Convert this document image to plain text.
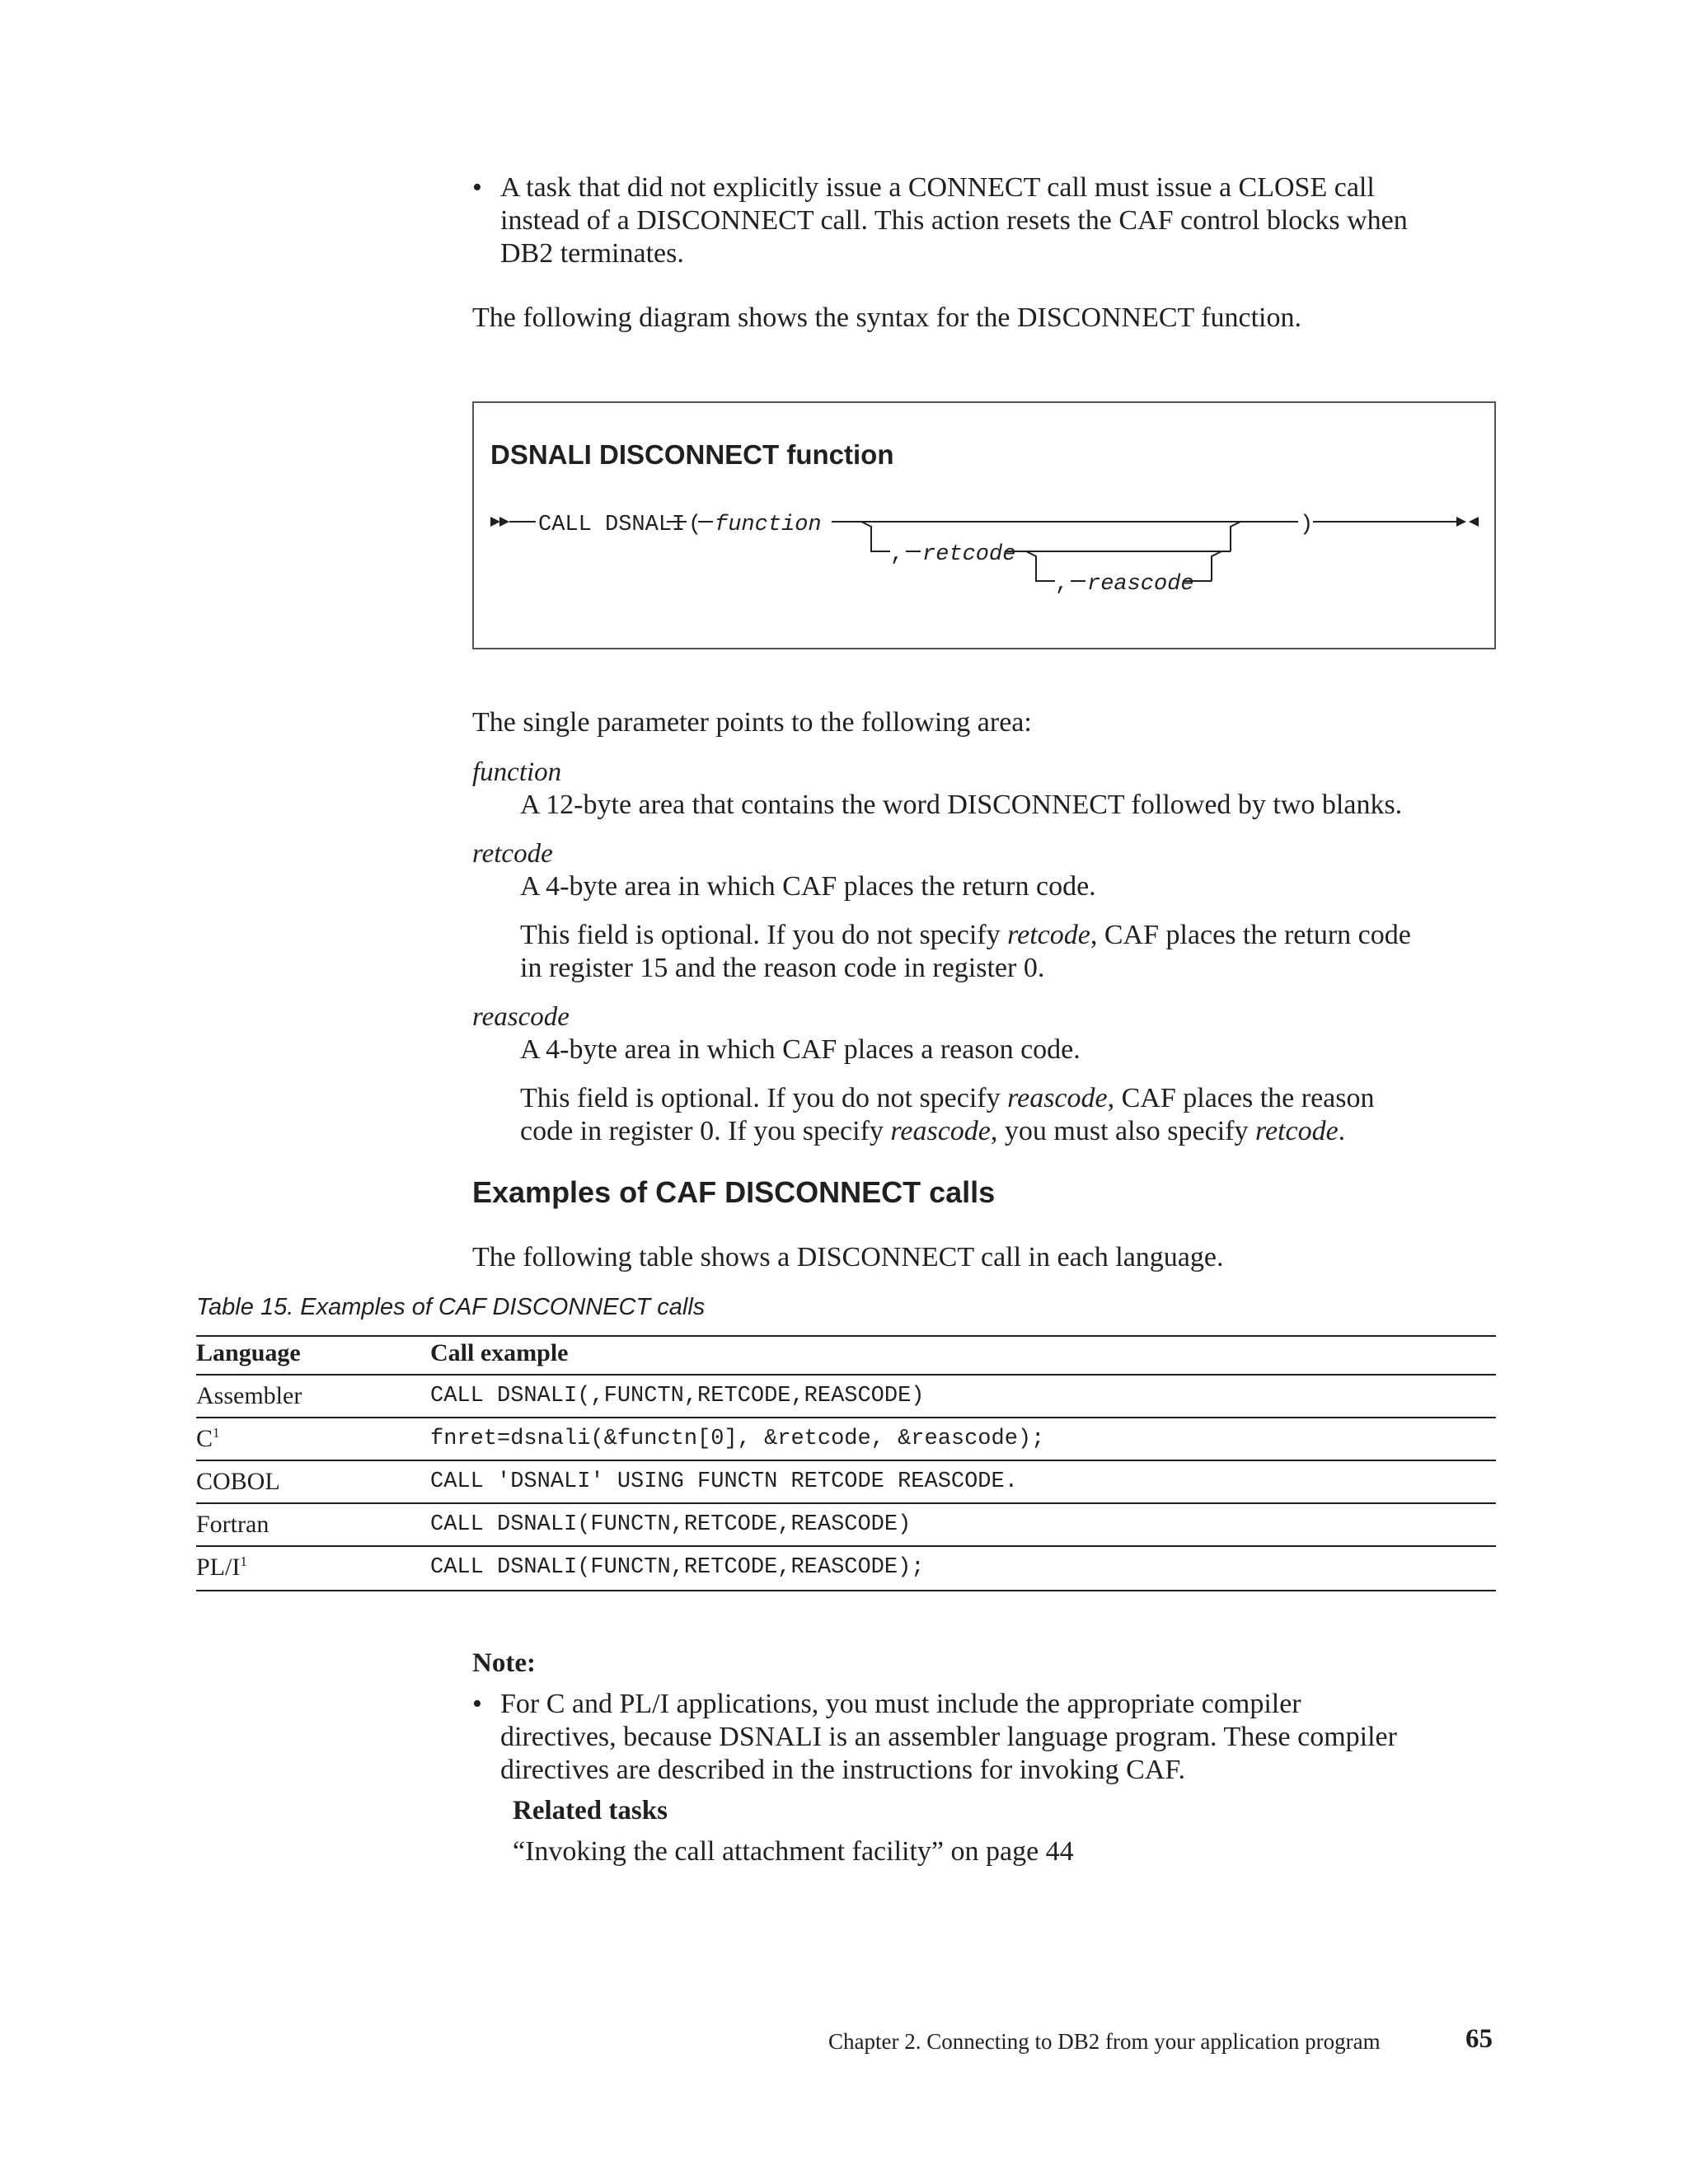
• A task that did not explicitly issue a CONNECT call must issue a CLOSE call
instead of a DISCONNECT call. This action resets the CAF control blocks when
DB2 terminates.
The following diagram shows the syntax for the DISCONNECT function.
DSNALI DISCONNECT function
CALL DSNALI ( function
, retcode
, reascode
)
The single parameter points to the following area:
function
A 12-byte area that contains the word DISCONNECT followed by two blanks.
retcode
A 4-byte area in which CAF places the return code.
This field is optional. If you do not specify retcode, CAF places the return code
in register 15 and the reason code in register 0.
reascode
A 4-byte area in which CAF places a reason code.
This field is optional. If you do not specify reascode, CAF places the reason
code in register 0. If you specify reascode, you must also specify retcode.
Examples of CAF DISCONNECT calls
The following table shows a DISCONNECT call in each language.
Table 15. Examples of CAF DISCONNECT calls
Language	Call example
Assembler	CALL DSNALI(,FUNCTN,RETCODE,REASCODE)
$C^1$	fnret=dsnali(&functn[0], &retcode, &reascode);
COBOL	CALL 'DSNALI' USING FUNCTN RETCODE REASCODE.
Fortran	CALL DSNALI(FUNCTN,RETCODE,REASCODE)
$PL/I^1$	CALL DSNALI(FUNCTN,RETCODE,REASCODE);
Note:
• For C and PL/I applications, you must include the appropriate compiler
directives, because DSNALI is an assembler language program. These compiler
directives are described in the instructions for invoking CAF.
Related tasks
“Invoking the call attachment facility” on page 44
Chapter 2. Connecting to DB2 from your application program	65
